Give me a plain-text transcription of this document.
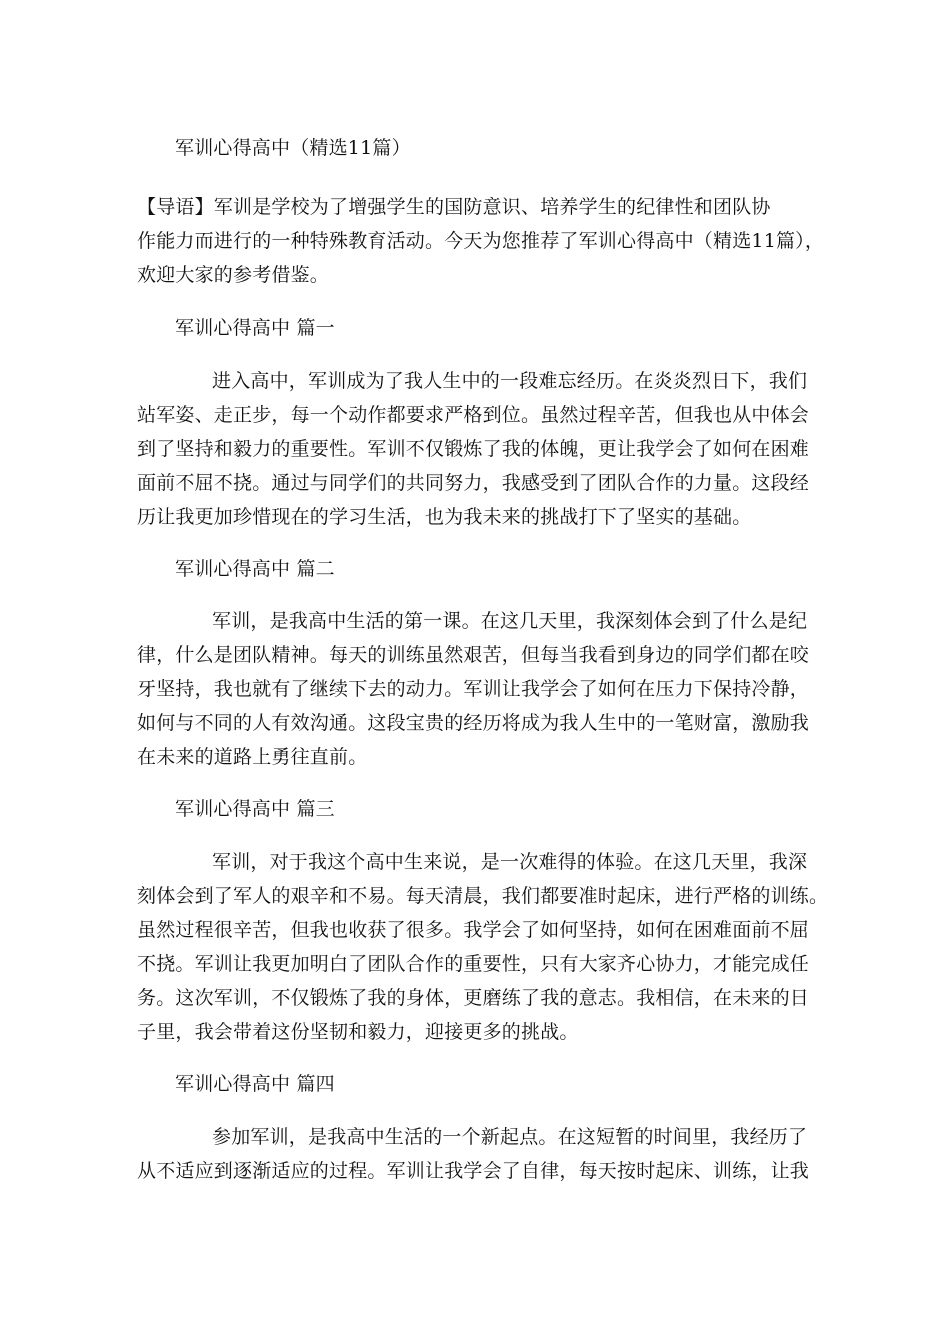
军训心得高中（精选11篇）
【导语】军训是学校为了增强学生的国防意识、培养学生的纪律性和团队协
作能力而进行的一种特殊教育活动。今天为您推荐了军训心得高中（精选11篇），
欢迎大家的参考借鉴。
军训心得高中 篇一
进入高中，军训成为了我人生中的一段难忘经历。在炎炎烈日下，我们
站军姿、走正步，每一个动作都要求严格到位。虽然过程辛苦，但我也从中体会
到了坚持和毅力的重要性。军训不仅锻炼了我的体魄，更让我学会了如何在困难
面前不屈不挠。通过与同学们的共同努力，我感受到了团队合作的力量。这段经
历让我更加珍惜现在的学习生活，也为我未来的挑战打下了坚实的基础。
军训心得高中 篇二
军训，是我高中生活的第一课。在这几天里，我深刻体会到了什么是纪
律，什么是团队精神。每天的训练虽然艰苦，但每当我看到身边的同学们都在咬
牙坚持，我也就有了继续下去的动力。军训让我学会了如何在压力下保持冷静，
如何与不同的人有效沟通。这段宝贵的经历将成为我人生中的一笔财富，激励我
在未来的道路上勇往直前。
军训心得高中 篇三
军训，对于我这个高中生来说，是一次难得的体验。在这几天里，我深
刻体会到了军人的艰辛和不易。每天清晨，我们都要准时起床，进行严格的训练。
虽然过程很辛苦，但我也收获了很多。我学会了如何坚持，如何在困难面前不屈
不挠。军训让我更加明白了团队合作的重要性，只有大家齐心协力，才能完成任
务。这次军训，不仅锻炼了我的身体，更磨练了我的意志。我相信，在未来的日
子里，我会带着这份坚韧和毅力，迎接更多的挑战。
军训心得高中 篇四
参加军训，是我高中生活的一个新起点。在这短暂的时间里，我经历了
从不适应到逐渐适应的过程。军训让我学会了自律，每天按时起床、训练，让我
